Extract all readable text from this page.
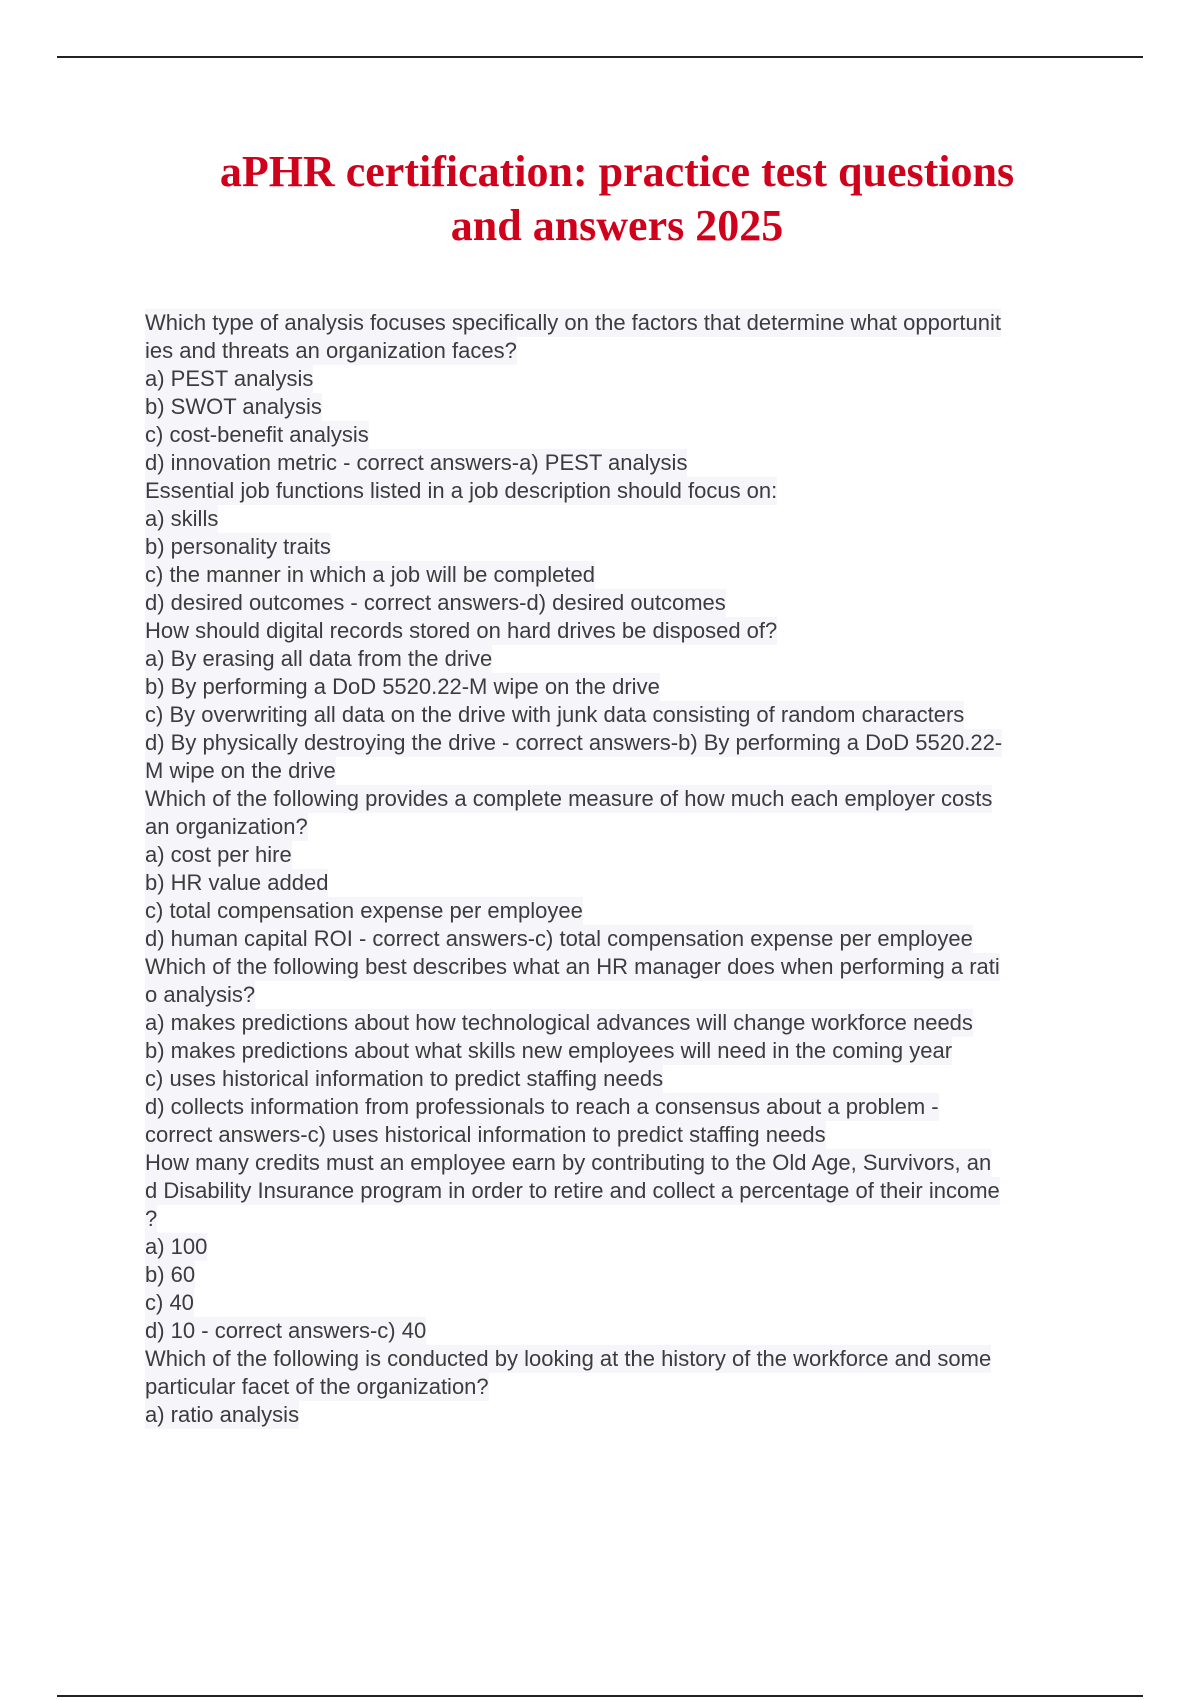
aPHR certification: practice test questions
and answers 2025
Which type of analysis focuses specifically on the factors that determine what opportunit
ies and threats an organization faces?
a) PEST analysis
b) SWOT analysis
c) cost-benefit analysis
d) innovation metric - correct answers-a) PEST analysis
Essential job functions listed in a job description should focus on:
a) skills
b) personality traits
c) the manner in which a job will be completed
d) desired outcomes - correct answers-d) desired outcomes
How should digital records stored on hard drives be disposed of?
a) By erasing all data from the drive
b) By performing a DoD 5520.22-M wipe on the drive
c) By overwriting all data on the drive with junk data consisting of random characters
d) By physically destroying the drive - correct answers-b) By performing a DoD 5520.22-
M wipe on the drive
Which of the following provides a complete measure of how much each employer costs
an organization?
a) cost per hire
b) HR value added
c) total compensation expense per employee
d) human capital ROI - correct answers-c) total compensation expense per employee
Which of the following best describes what an HR manager does when performing a rati
o analysis?
a) makes predictions about how technological advances will change workforce needs
b) makes predictions about what skills new employees will need in the coming year
c) uses historical information to predict staffing needs
d) collects information from professionals to reach a consensus about a problem -
correct answers-c) uses historical information to predict staffing needs
How many credits must an employee earn by contributing to the Old Age, Survivors, an
d Disability Insurance program in order to retire and collect a percentage of their income
?
a) 100
b) 60
c) 40
d) 10 - correct answers-c) 40
Which of the following is conducted by looking at the history of the workforce and some
particular facet of the organization?
a) ratio analysis
